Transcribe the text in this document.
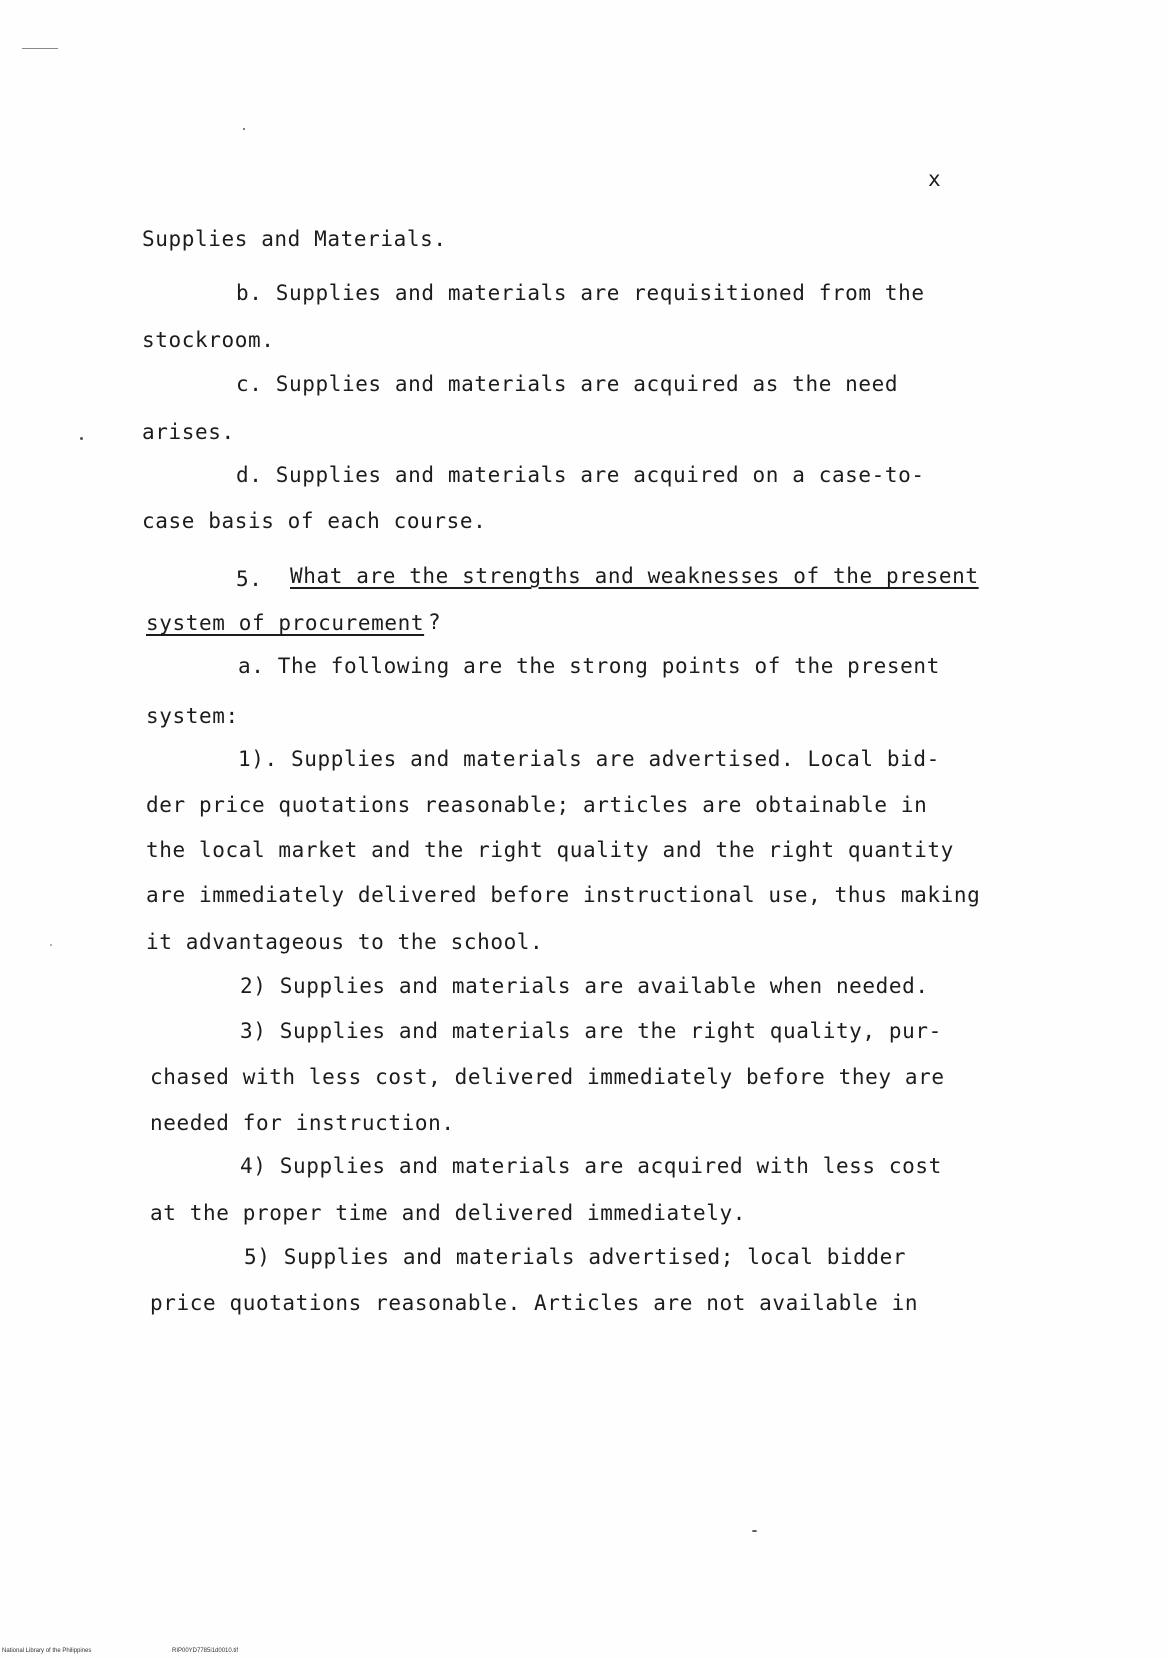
x
Supplies and Materials.
b. Supplies and materials are requisitioned from the
stockroom.
c. Supplies and materials are acquired as the need
arises.
d. Supplies and materials are acquired on a case-to-
case basis of each course.
5. What are the strengths and weaknesses of the present
system of procurement ?
a. The following are the strong points of the present
system:
1). Supplies and materials are advertised. Local bid-
der price quotations reasonable; articles are obtainable in
the local market and the right quality and the right quantity
are immediately delivered before instructional use, thus making
it advantageous to the school.
2) Supplies and materials are available when needed.
3) Supplies and materials are the right quality, pur-
chased with less cost, delivered immediately before they are
needed for instruction.
4) Supplies and materials are acquired with less cost
at the proper time and delivered immediately.
5) Supplies and materials advertised; local bidder
price quotations reasonable. Articles are not available in
National Library of the Philippines	RIP00YD7785i1d0010.tif
